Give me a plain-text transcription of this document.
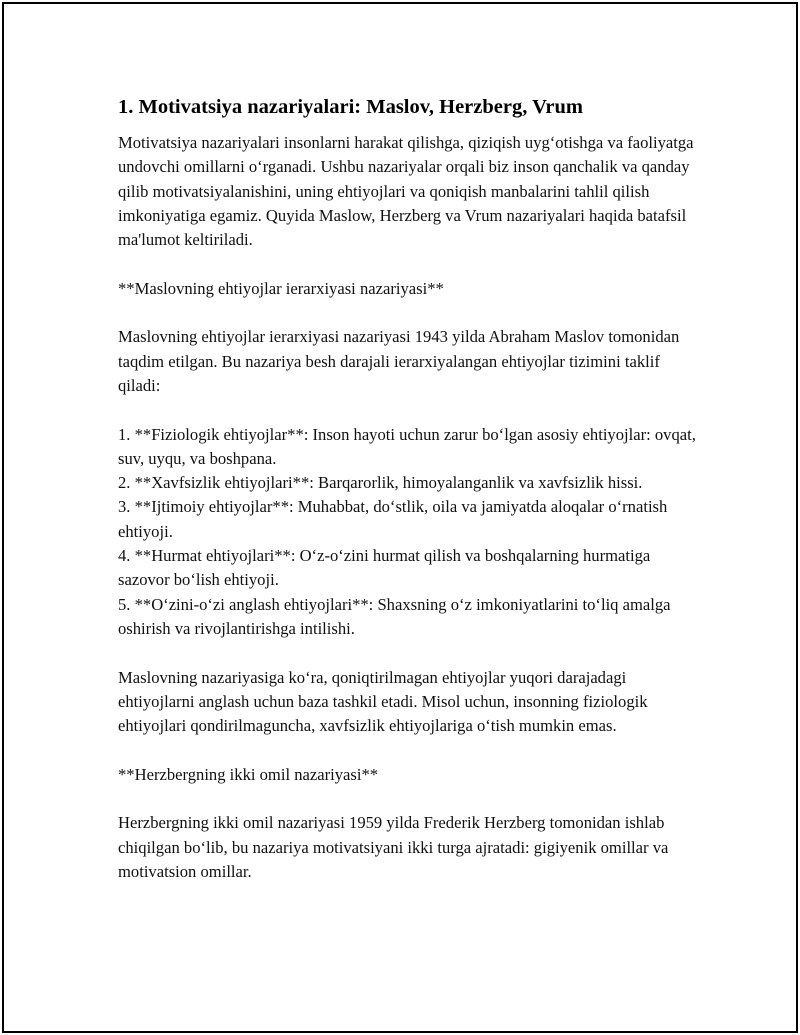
1. Motivatsiya nazariyalari: Maslov, Herzberg, Vrum

Motivatsiya nazariyalari insonlarni harakat qilishga, qiziqish uygʻotishga va faoliyatga undovchi omillarni oʻrganadi. Ushbu nazariyalar orqali biz inson qanchalik va qanday qilib motivatsiyalanishini, uning ehtiyojlari va qoniqish manbalarini tahlil qilish imkoniyatiga egamiz. Quyida Maslow, Herzberg va Vrum nazariyalari haqida batafsil ma'lumot keltiriladi.

**Maslovning ehtiyojlar ierarxiyasi nazariyasi**

Maslovning ehtiyojlar ierarxiyasi nazariyasi 1943 yilda Abraham Maslov tomonidan taqdim etilgan. Bu nazariya besh darajali ierarxiyalangan ehtiyojlar tizimini taklif qiladi:

1. **Fiziologik ehtiyojlar**: Inson hayoti uchun zarur boʻlgan asosiy ehtiyojlar: ovqat, suv, uyqu, va boshpana.

2. **Xavfsizlik ehtiyojlari**: Barqarorlik, himoyalanganlik va xavfsizlik hissi.

3. **Ijtimoiy ehtiyojlar**: Muhabbat, doʻstlik, oila va jamiyatda aloqalar oʻrnatish ehtiyoji.

4. **Hurmat ehtiyojlari**: Oʻz-oʻzini hurmat qilish va boshqalarning hurmatiga sazovor boʻlish ehtiyoji.

5. **Oʻzini-oʻzi anglash ehtiyojlari**: Shaxsning oʻz imkoniyatlarini toʻliq amalga oshirish va rivojlantirishga intilishi.

Maslovning nazariyasiga koʻra, qoniqtirilmagan ehtiyojlar yuqori darajadagi ehtiyojlarni anglash uchun baza tashkil etadi. Misol uchun, insonning fiziologik ehtiyojlari qondirilmaguncha, xavfsizlik ehtiyojlariga oʻtish mumkin emas.

**Herzbergning ikki omil nazariyasi**

Herzbergning ikki omil nazariyasi 1959 yilda Frederik Herzberg tomonidan ishlab chiqilgan boʻlib, bu nazariya motivatsiyani ikki turga ajratadi: gigiyenik omillar va motivatsion omillar.
